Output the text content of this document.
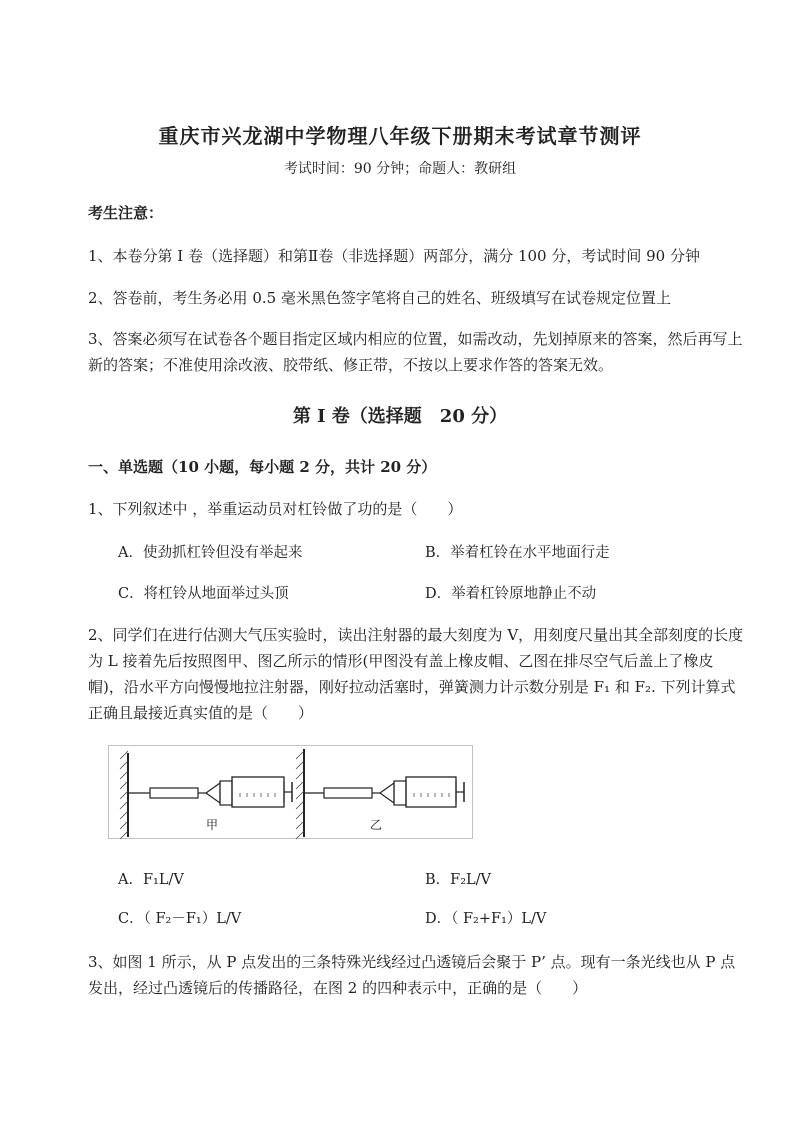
重庆市兴龙湖中学物理八年级下册期末考试章节测评
考试时间：90 分钟；命题人：教研组
考生注意：
1、本卷分第 I 卷（选择题）和第Ⅱ卷（非选择题）两部分，满分 100 分，考试时间 90 分钟
2、答卷前，考生务必用 0.5 毫米黑色签字笔将自己的姓名、班级填写在试卷规定位置上
3、答案必须写在试卷各个题目指定区域内相应的位置，如需改动，先划掉原来的答案，然后再写上新的答案；不准使用涂改液、胶带纸、修正带，不按以上要求作答的答案无效。
第 I 卷（选择题　20 分）
一、单选题（10 小题，每小题 2 分，共计 20 分）
1、下列叙述中 ，举重运动员对杠铃做了功的是（　　）
A．使劲抓杠铃但没有举起来	B．举着杠铃在水平地面行走
C．将杠铃从地面举过头顶	D．举着杠铃原地静止不动
2、同学们在进行估测大气压实验时，读出注射器的最大刻度为 V，用刻度尺量出其全部刻度的长度为 L 接着先后按照图甲、图乙所示的情形(甲图没有盖上橡皮帽、乙图在排尽空气后盖上了橡皮帽)，沿水平方向慢慢地拉注射器，刚好拉动活塞时，弹簧测力计示数分别是 F₁ 和 F₂. 下列计算式正确且最接近真实值的是（　　）
甲	乙
A．F₁L/V	B．F₂L/V
C．（ F₂－F₁）L/V	D．（ F₂+F₁）L/V
3、如图 1 所示，从 P 点发出的三条特殊光线经过凸透镜后会聚于 P’ 点。现有一条光线也从 P 点发出，经过凸透镜后的传播路径，在图 2 的四种表示中，正确的是（　　）
